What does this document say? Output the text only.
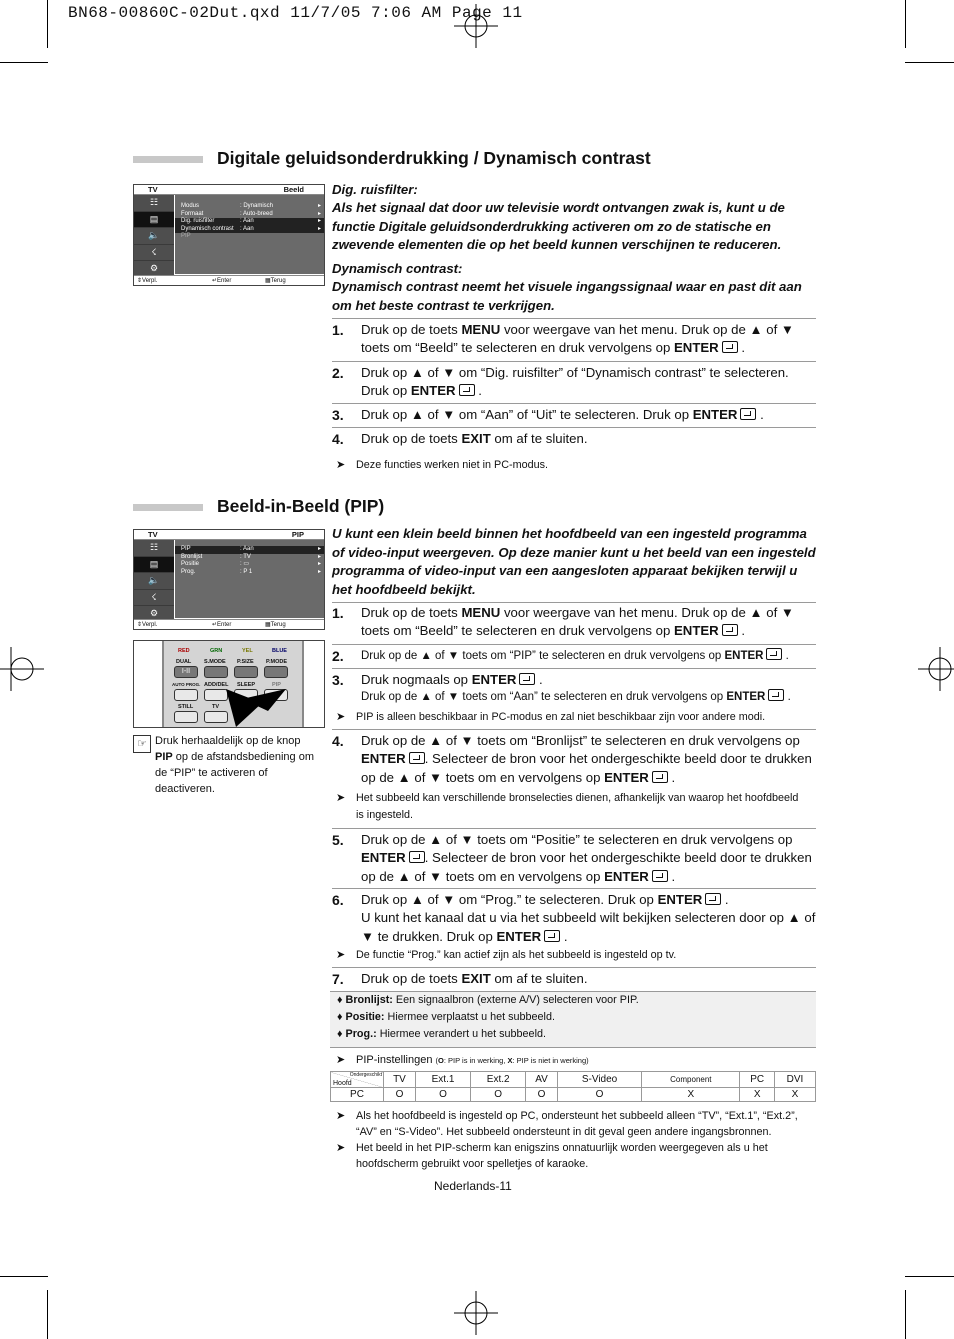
BN68-00860C-02Dut.qxd 11/7/05 7:06 AM Page 11
Digitale geluidsonderdrukking / Dynamisch contrast
TV	Beeld
☷
▤
🔈
☇
⚙
Modus	: Dynamisch	▸
Formaat	: Auto-breed	▸
Dig. ruisfilter	: Aan	▸
Dynamisch contrast : Aan	▸
PIP
⇕ Verpl.	↵ Enter	▦ Terug
Dig. ruisfilter:
Als het signaal dat door uw televisie wordt ontvangen zwak is, kunt u de functie Digitale geluidsonderdrukking activeren om zo de statische en zwevende elementen die op het beeld kunnen verschijnen te reduceren.
Dynamisch contrast:
Dynamisch contrast neemt het visuele ingangssignaal waar en past dit aan om het beste contrast te verkrijgen.
1. Druk op de toets MENU voor weergave van het menu. Druk op de ▲ of ▼ toets om “Beeld” te selecteren en druk vervolgens op ENTER .
2. Druk op ▲ of ▼ om “Dig. ruisfilter” of “Dynamisch contrast” te selecteren. Druk op ENTER .
3. Druk op ▲ of ▼ om “Aan” of “Uit” te selecteren. Druk op ENTER .
4. Druk op de toets EXIT om af te sluiten.
➤ Deze functies werken niet in PC-modus.
Beeld-in-Beeld (PIP)
TV	PIP
☷
▤
🔈
☇
⚙
PIP	: Aan	▸
Bronlijst	: TV	▸
Positie	: ▭	▸
Prog.	: P 1	▸
⇕ Verpl.	↵ Enter	▦ Terug
RED	GRN	YEL	BLUE
DUAL S.MODE P.SIZE P.MODE
I-II
AUTO PROG. ADD/DEL SLEEP	PIP
STILL	TV
☞ Druk herhaaldelijk op de knop PIP op de afstandsbediening om de “PIP” te activeren of deactiveren.
U kunt een klein beeld binnen het hoofdbeeld van een ingesteld programma of video-input weergeven. Op deze manier kunt u het beeld van een ingesteld programma of video-input van een aangesloten apparaat bekijken terwijl u het hoofdbeeld bekijkt.
1. Druk op de toets MENU voor weergave van het menu. Druk op de ▲ of ▼ toets om “Beeld” te selecteren en druk vervolgens op ENTER .
2. Druk op de ▲ of ▼ toets om “PIP” te selecteren en druk vervolgens op ENTER .
3. Druk nogmaals op ENTER .
Druk op de ▲ of ▼ toets om “Aan” te selecteren en druk vervolgens op ENTER .
➤ PIP is alleen beschikbaar in PC-modus en zal niet beschikbaar zijn voor andere modi.
4. Druk op de ▲ of ▼ toets om “Bronlijst” te selecteren en druk vervolgens op ENTER . Selecteer de bron voor het ondergeschikte beeld door te drukken op de ▲ of ▼ toets om en vervolgens op ENTER .
➤ Het subbeeld kan verschillende bronselecties dienen, afhankelijk van waarop het hoofdbeeld is ingesteld.
5. Druk op de ▲ of ▼ toets om “Positie” te selecteren en druk vervolgens op ENTER . Selecteer de bron voor het ondergeschikte beeld door te drukken op de ▲ of ▼ toets om en vervolgens op ENTER .
6. Druk op ▲ of ▼ om “Prog.” te selecteren. Druk op ENTER .
U kunt het kanaal dat u via het subbeeld wilt bekijken selecteren door op ▲ of ▼ te drukken. Druk op ENTER .
➤ De functie “Prog.” kan actief zijn als het subbeeld is ingesteld op tv.
7. Druk op de toets EXIT om af te sluiten.
♦ Bronlijst: Een signaalbron (externe A/V) selecteren voor PIP.
♦ Positie: Hiermee verplaatst u het subbeeld.
♦ Prog.: Hiermee verandert u het subbeeld.
➤ PIP-instellingen (O: PIP is in werking, X: PIP is niet in werking)
Ondergeschikt
Hoofd	TV	Ext.1	Ext.2	AV	S-Video	Component	PC	DVI
PC	O	O	O	O	O	X	X	X
➤ Als het hoofdbeeld is ingesteld op PC, ondersteunt het subbeeld alleen “TV”, “Ext.1”, “Ext.2”, “AV” en “S-Video”. Het subbeeld ondersteunt in dit geval geen andere ingangsbronnen.
➤ Het beeld in het PIP-scherm kan enigszins onnatuurlijk worden weergegeven als u het hoofdscherm gebruikt voor spelletjes of karaoke.
Nederlands-11
